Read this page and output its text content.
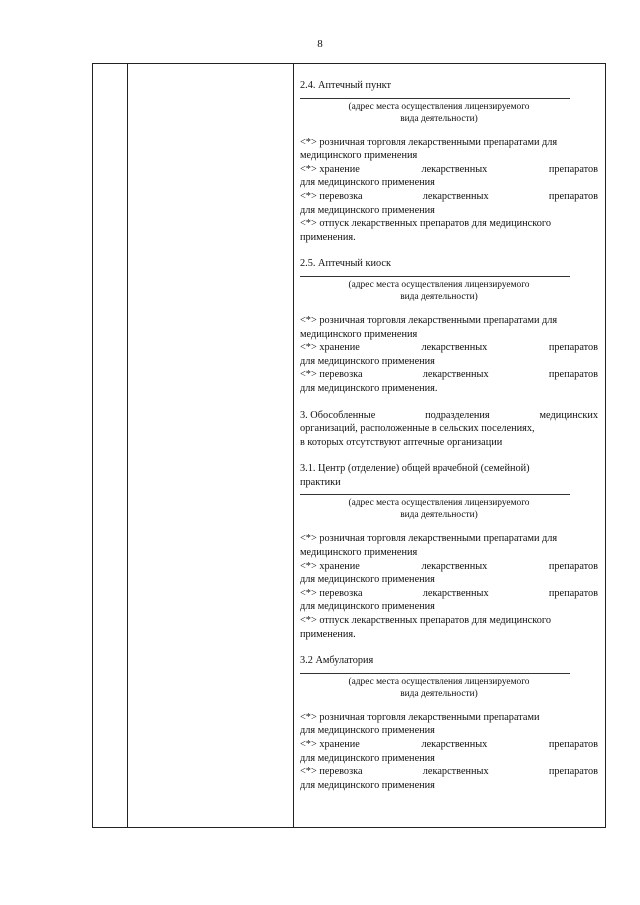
8

2.4. Аптечный пункт

(адрес места осуществления лицензируемого
вида деятельности)
<*> розничная торговля лекарственными препаратами для
медицинского применения
<*> хранение	лекарственных	препаратов
для медицинского применения
<*> перевозка	лекарственных	препаратов
для медицинского применения
<*> отпуск лекарственных препаратов для медицинского
применения.

2.5. Аптечный киоск

(адрес места осуществления лицензируемого
вида деятельности)
<*> розничная торговля лекарственными препаратами для
медицинского применения
<*> хранение	лекарственных	препаратов
для медицинского применения
<*> перевозка	лекарственных	препаратов
для медицинского применения.
3. Обособленные	подразделения	медицинских
организаций, расположенные в сельских поселениях,
в которых отсутствуют аптечные организации
3.1. Центр (отделение) общей врачебной (семейной)
практики
(адрес места осуществления лицензируемого
вида деятельности)
<*> розничная торговля лекарственными препаратами для
медицинского применения
<*> хранение	лекарственных	препаратов
для медицинского применения
<*> перевозка	лекарственных	препаратов
для медицинского применения
<*> отпуск лекарственных препаратов для медицинского
применения.

3.2 Амбулатория

(адрес места осуществления лицензируемого
вида деятельности)
<*> розничная торговля лекарственными препаратами
для медицинского применения
<*> хранение	лекарственных	препаратов
для медицинского применения
<*> перевозка	лекарственных	препаратов
для медицинского применения
